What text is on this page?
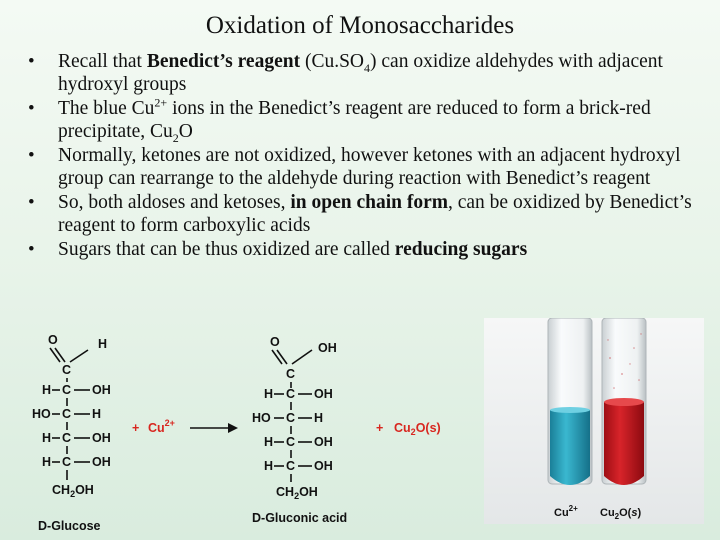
Oxidation of Monosaccharides
• Recall that Benedict’s reagent $(Cu.SO_4)$ can oxidize aldehydes with adjacent hydroxyl groups
• The blue $Cu^{2+}$ ions in the Benedict’s reagent are reduced to form a brick-red precipitate, $Cu_2O$
• Normally, ketones are not oxidized, however ketones with an adjacent hydroxyl group can rearrange to the aldehyde during reaction with Benedict’s reagent
• So, both aldoses and ketoses, in open chain form, can be oxidized by Benedict’s reagent to form carboxylic acids
• Sugars that can be thus oxidized are called reducing sugars
O	H
C
H C OH
HO C H
H C OH
H C OH
$CH_2OH$
D-Glucose
+ $Cu^{2+}$
O	OH
C
H C OH
HO C H
H C OH
H C OH
$CH_2OH$
D-Gluconic acid
+ $Cu_2O(s)$
$Cu^{2+}$ $Cu_2O(s)$
